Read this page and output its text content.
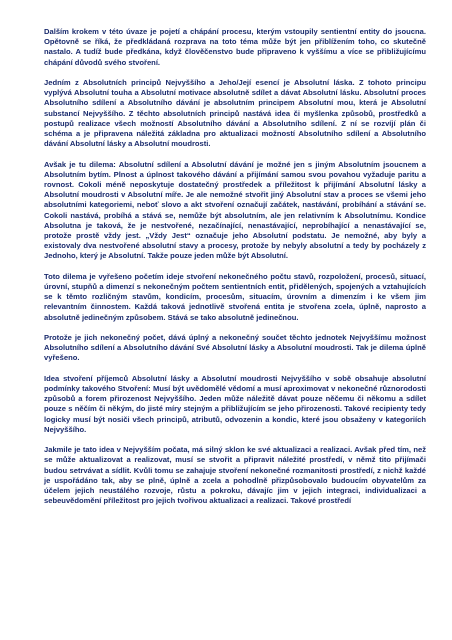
Dalším krokem v této úvaze je pojetí a chápání procesu, kterým vstoupily sentientní entity do jsoucna. Opětovně se říká, že předkládaná rozprava na toto téma může být jen přiblížením toho, co skutečně nastalo. A tudíž bude předkána, když člověčenstvo bude připraveno k vyššímu a více se přibližujícímu chápání důvodů svého stvoření.

Jedním z Absolutních principů Nejvyššího a Jeho/Její esencí je Absolutní láska. Z tohoto principu vyplývá Absolutní touha a Absolutní motivace absolutně sdílet a dávat Absolutní lásku. Absolutní proces Absolutního sdílení a Absolutního dávání je absolutním principem Absolutní mou, která je Absolutní substancí Nejvyššího. Z těchto absolutních principů nastává idea či myšlenka způsobů, prostředků a postupů realizace všech možností Absolutního dávání a Absolutního sdílení. Z ní se rozvíjí plán či schéma a je připravena náležitá základna pro aktualizaci možností Absolutního sdílení a Absolutního dávání Absolutní lásky a Absolutní moudrosti.

Avšak je tu dilema: Absolutní sdílení a Absolutní dávání je možné jen s jiným Absolutním jsoucnem a Absolutním bytím. Plnost a úplnost takového dávání a přijímání samou svou povahou vyžaduje paritu a rovnost. Cokoli méně neposkytuje dostatečný prostředek a příležitost k přijímání Absolutní lásky a Absolutní moudrosti v Absolutní míře. Je ale nemožné stvořit jiný Absolutní stav a proces se všemi jeho absolutními kategoriemi, neboť slovo a akt stvoření označují začátek, nastávání, probíhání a stávání se. Cokoli nastává, probíhá a stává se, nemůže být absolutním, ale jen relativním k Absolutnímu. Kondice Absolutna je taková, že je nestvořené, nezačínající, nenastávající, neprobíhající a nenastávající se, protože prostě vždy jest. „Vždy Jest“ označuje jeho Absolutní podstatu. Je nemožné, aby byly a existovaly dva nestvořené absolutní stavy a procesy, protože by nebyly absolutní a tedy by pocházely z Jednoho, který je Absolutní. Takže pouze jeden může být Absolutní.

Toto dilema je vyřešeno početím ideje stvoření nekonečného počtu stavů, rozpoložení, procesů, situací, úrovní, stupňů a dimenzí s nekonečným počtem sentientních entit, přidělených, spojených a vztahujících se k těmto rozličným stavům, kondicím, procesům, situacím, úrovním a dimenzím i ke všem jim relevantním činnostem. Každá taková jednotlivě stvořená entita je stvořena zcela, úplně, naprosto a absolutně jedinečným způsobem. Stává se tako absolutně jedinečnou.

Protože je jich nekonečný počet, dává úplný a nekonečný součet těchto jednotek Nejvyššímu možnost Absolutního sdílení a Absolutního dávání Své Absolutní lásky a Absolutní moudrosti. Tak je dilema úplně vyřešeno.

Idea stvoření příjemců Absolutní lásky a Absolutní moudrosti Nejvyššího v sobě obsahuje absolutní podmínky takového Stvoření: Musí být uvědomělé vědomí a musí aproximovat v nekonečné různorodosti způsobů a forem přirozenost Nejvyššího. Jeden může náležitě dávat pouze něčemu či někomu a sdílet pouze s něčím či někým, do jisté míry stejným a přibližujícím se jeho přirozenosti. Takové recipienty tedy logicky musí být nosiči všech principů, atributů, odvozenin a kondic, které jsou obsaženy v kategoriích Nejvyššího.

Jakmile je tato idea v Nejvyšším počata, má silný sklon ke své aktualizaci a realizaci. Avšak před tím, než se může aktualizovat a realizovat, musí se stvořit a připravit náležité prostředí, v němž tito přijímači budou setrvávat a sídlit. Kvůli tomu se zahajuje stvoření nekonečné rozmanitosti prostředí, z nichž každé je uspořádáno tak, aby se plně, úplně a zcela a pohodlně přizpůsobovalo budoucím obyvatelům za účelem jejich neustálého rozvoje, růstu a pokroku, dávajíc jim v jejich integraci, individualizaci a sebeuvědomění příležitost pro jejich tvořivou aktualizaci a realizaci. Takové prostředí
